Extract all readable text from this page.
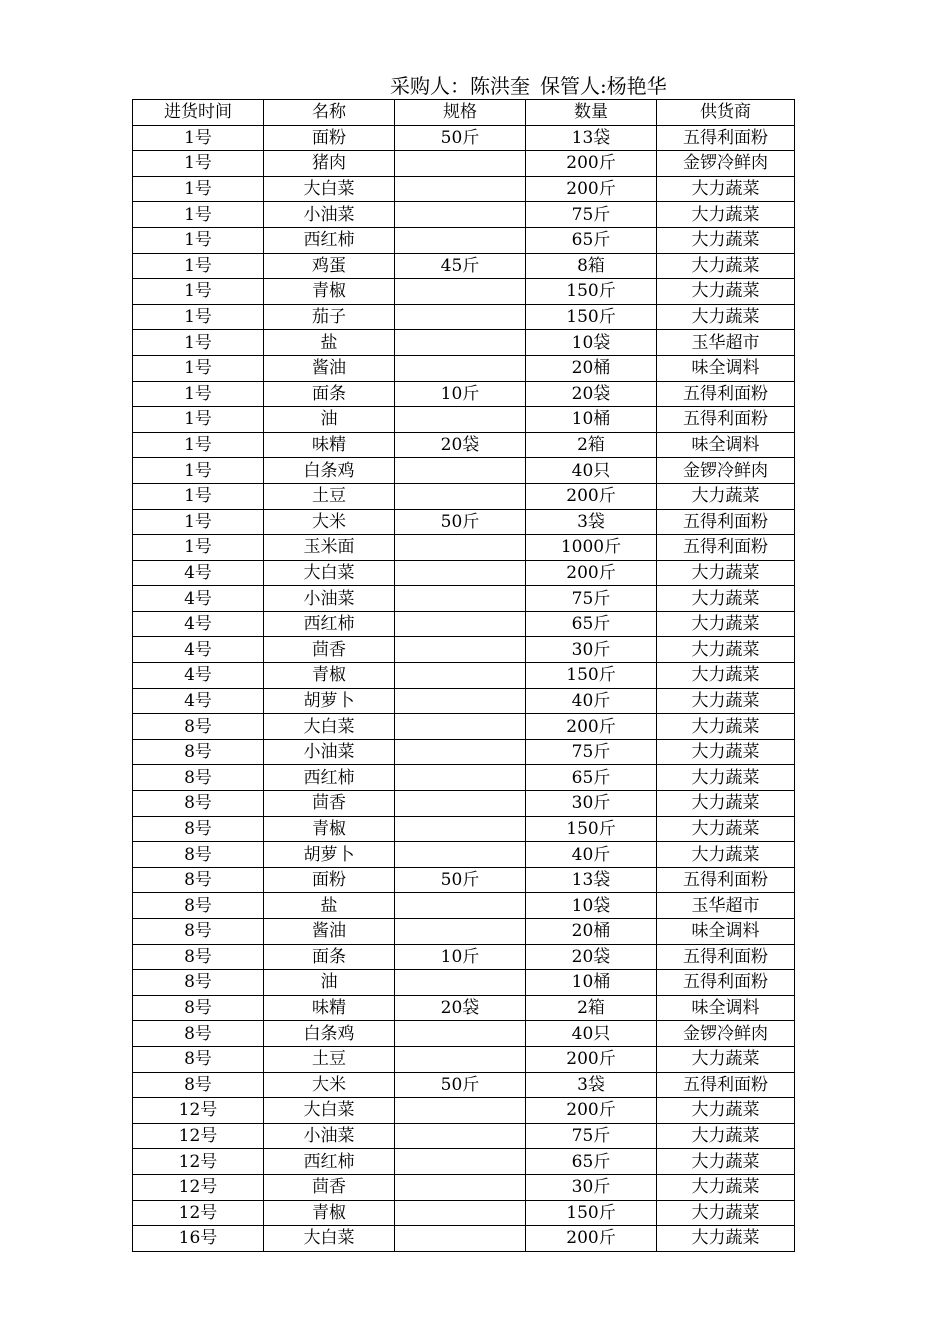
采购人：陈洪奎 保管人:杨艳华
进货时间	名称	规格	数量	供货商
1号	面粉	50斤	13袋	五得利面粉
1号	猪肉		200斤	金锣冷鲜肉
1号	大白菜		200斤	大力蔬菜
1号	小油菜		75斤	大力蔬菜
1号	西红柿		65斤	大力蔬菜
1号	鸡蛋	45斤	8箱	大力蔬菜
1号	青椒		150斤	大力蔬菜
1号	茄子		150斤	大力蔬菜
1号	盐		10袋	玉华超市
1号	酱油		20桶	味全调料
1号	面条	10斤	20袋	五得利面粉
1号	油		10桶	五得利面粉
1号	味精	20袋	2箱	味全调料
1号	白条鸡		40只	金锣冷鲜肉
1号	土豆		200斤	大力蔬菜
1号	大米	50斤	3袋	五得利面粉
1号	玉米面		1000斤	五得利面粉
4号	大白菜		200斤	大力蔬菜
4号	小油菜		75斤	大力蔬菜
4号	西红柿		65斤	大力蔬菜
4号	茴香		30斤	大力蔬菜
4号	青椒		150斤	大力蔬菜
4号	胡萝卜		40斤	大力蔬菜
8号	大白菜		200斤	大力蔬菜
8号	小油菜		75斤	大力蔬菜
8号	西红柿		65斤	大力蔬菜
8号	茴香		30斤	大力蔬菜
8号	青椒		150斤	大力蔬菜
8号	胡萝卜		40斤	大力蔬菜
8号	面粉	50斤	13袋	五得利面粉
8号	盐		10袋	玉华超市
8号	酱油		20桶	味全调料
8号	面条	10斤	20袋	五得利面粉
8号	油		10桶	五得利面粉
8号	味精	20袋	2箱	味全调料
8号	白条鸡		40只	金锣冷鲜肉
8号	土豆		200斤	大力蔬菜
8号	大米	50斤	3袋	五得利面粉
12号	大白菜		200斤	大力蔬菜
12号	小油菜		75斤	大力蔬菜
12号	西红柿		65斤	大力蔬菜
12号	茴香		30斤	大力蔬菜
12号	青椒		150斤	大力蔬菜
16号	大白菜		200斤	大力蔬菜
